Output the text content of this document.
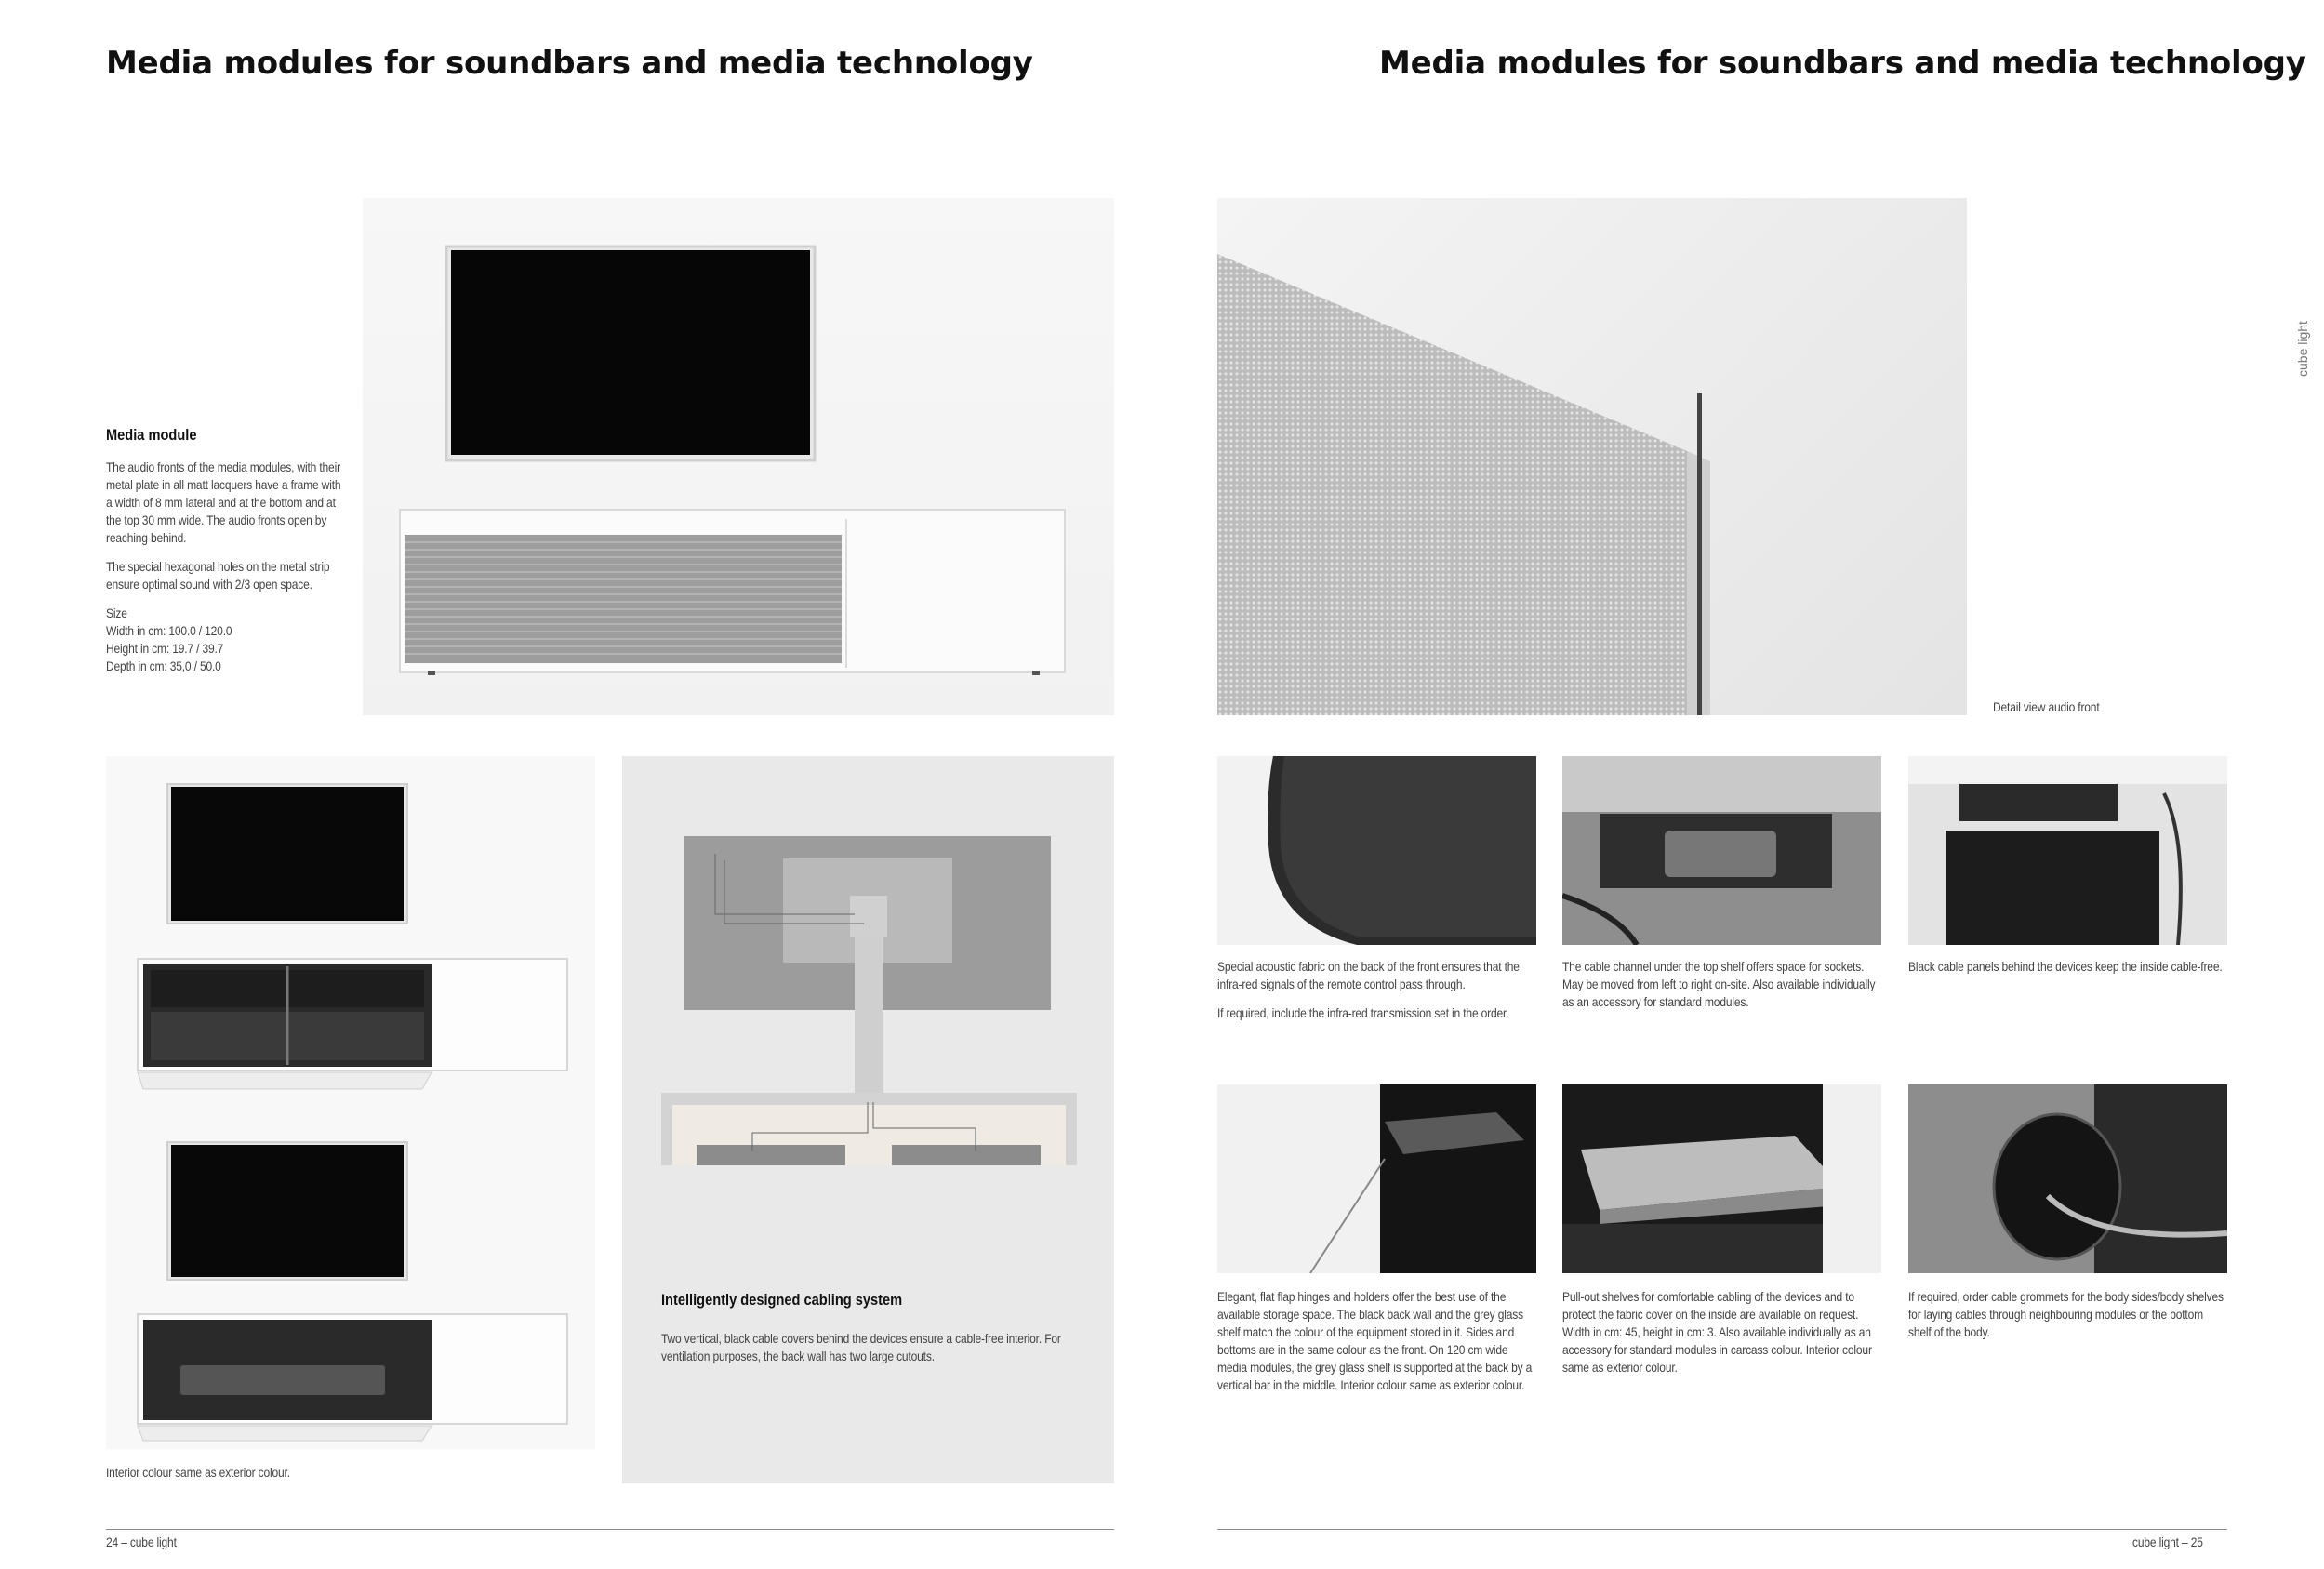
Media modules for soundbars and media technology
Media module

The audio fronts of the media modules, with their metal plate in all matt lacquers have a frame with a width of 8 mm lateral and at the bottom and at the top 30 mm wide. The audio fronts open by reaching behind.

The special hexagonal holes on the metal strip ensure optimal sound with 2/3 open space.

Size
Width in cm: 100.0 / 120.0
Height in cm: 19.7 / 39.7
Depth in cm: 35,0 / 50.0
Intelligently designed cabling system
Two vertical, black cable covers behind the devices ensure a cable-free interior. For ventilation purposes, the back wall has two large cutouts.
Interior colour same as exterior colour.
24 – cube light
Media modules for soundbars and media technology
cube light
Detail view audio front

Special acoustic fabric on the back of the front ensures that the infra-red signals of the remote control pass through.

If required, include the infra-red transmission set in the order.

The cable channel under the top shelf offers space for sockets. May be moved from left to right on-site. Also available individually as an accessory for standard modules.
Black cable panels behind the devices keep the inside cable-free.
Elegant, flat flap hinges and holders offer the best use of the available storage space. The black back wall and the grey glass shelf match the colour of the equipment stored in it. Sides and bottoms are in the same colour as the front. On 120 cm wide media modules, the grey glass shelf is supported at the back by a vertical bar in the middle. Interior colour same as exterior colour.
Pull-out shelves for comfortable cabling of the devices and to protect the fabric cover on the inside are available on request. Width in cm: 45, height in cm: 3. Also available individually as an accessory for standard modules in carcass colour. Interior colour same as exterior colour.
If required, order cable grommets for the body sides/body shelves for laying cables through neighbouring modules or the bottom shelf of the body.
cube light – 25
